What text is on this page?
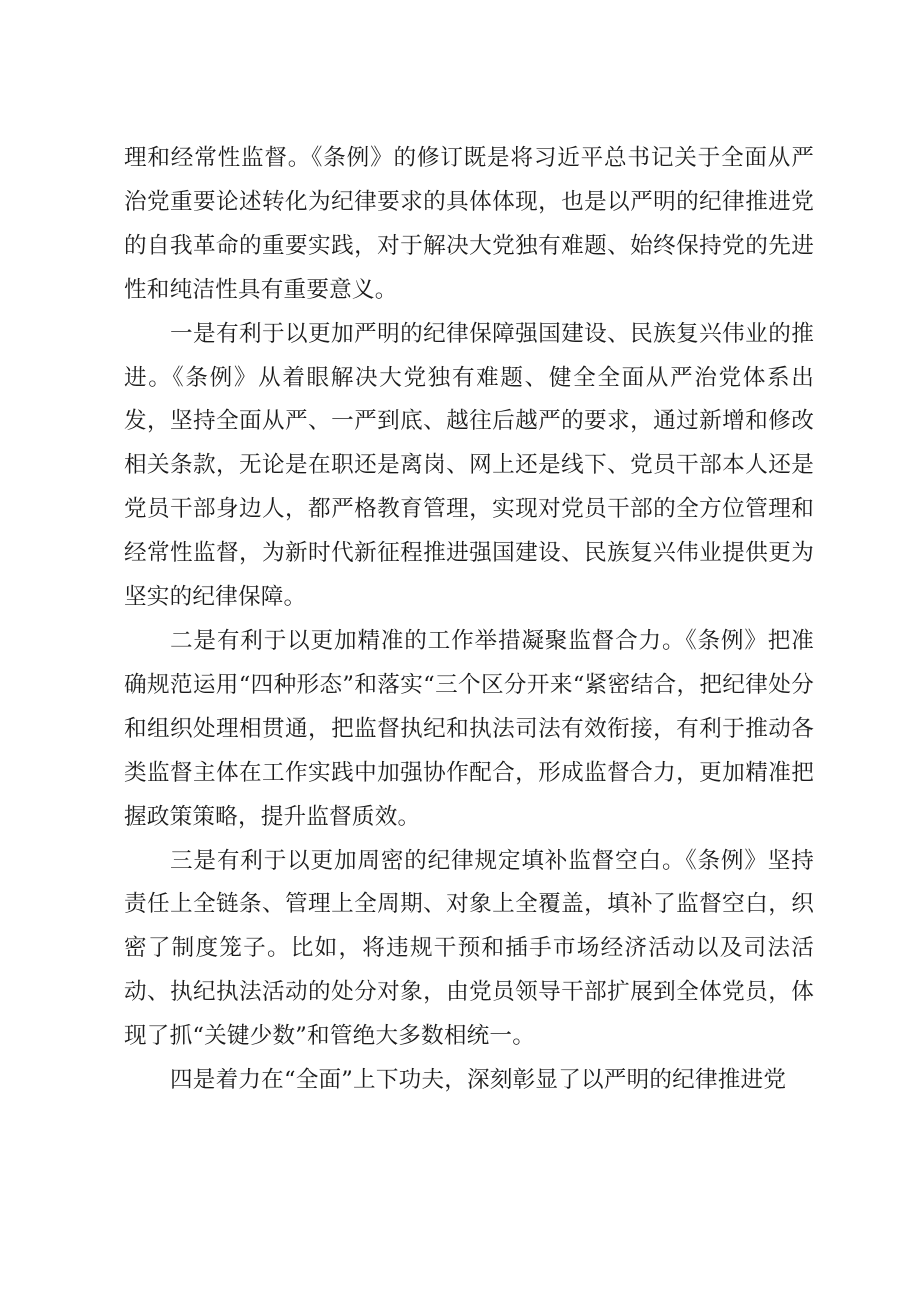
理和经常性监督。《条例》的修订既是将习近平总书记关于全面从严治党重要论述转化为纪律要求的具体体现，也是以严明的纪律推进党的自我革命的重要实践，对于解决大党独有难题、始终保持党的先进性和纯洁性具有重要意义。

一是有利于以更加严明的纪律保障强国建设、民族复兴伟业的推进。《条例》从着眼解决大党独有难题、健全全面从严治党体系出发，坚持全面从严、一严到底、越往后越严的要求，通过新增和修改相关条款，无论是在职还是离岗、网上还是线下、党员干部本人还是党员干部身边人，都严格教育管理，实现对党员干部的全方位管理和经常性监督，为新时代新征程推进强国建设、民族复兴伟业提供更为坚实的纪律保障。

二是有利于以更加精准的工作举措凝聚监督合力。《条例》把准确规范运用“四种形态”和落实“三个区分开来“紧密结合，把纪律处分和组织处理相贯通，把监督执纪和执法司法有效衔接，有利于推动各类监督主体在工作实践中加强协作配合，形成监督合力，更加精准把握政策策略，提升监督质效。

三是有利于以更加周密的纪律规定填补监督空白。《条例》坚持责任上全链条、管理上全周期、对象上全覆盖，填补了监督空白，织密了制度笼子。比如，将违规干预和插手市场经济活动以及司法活动、执纪执法活动的处分对象，由党员领导干部扩展到全体党员，体现了抓“关键少数”和管绝大多数相统一。

四是着力在“全面”上下功夫，深刻彰显了以严明的纪律推进党
